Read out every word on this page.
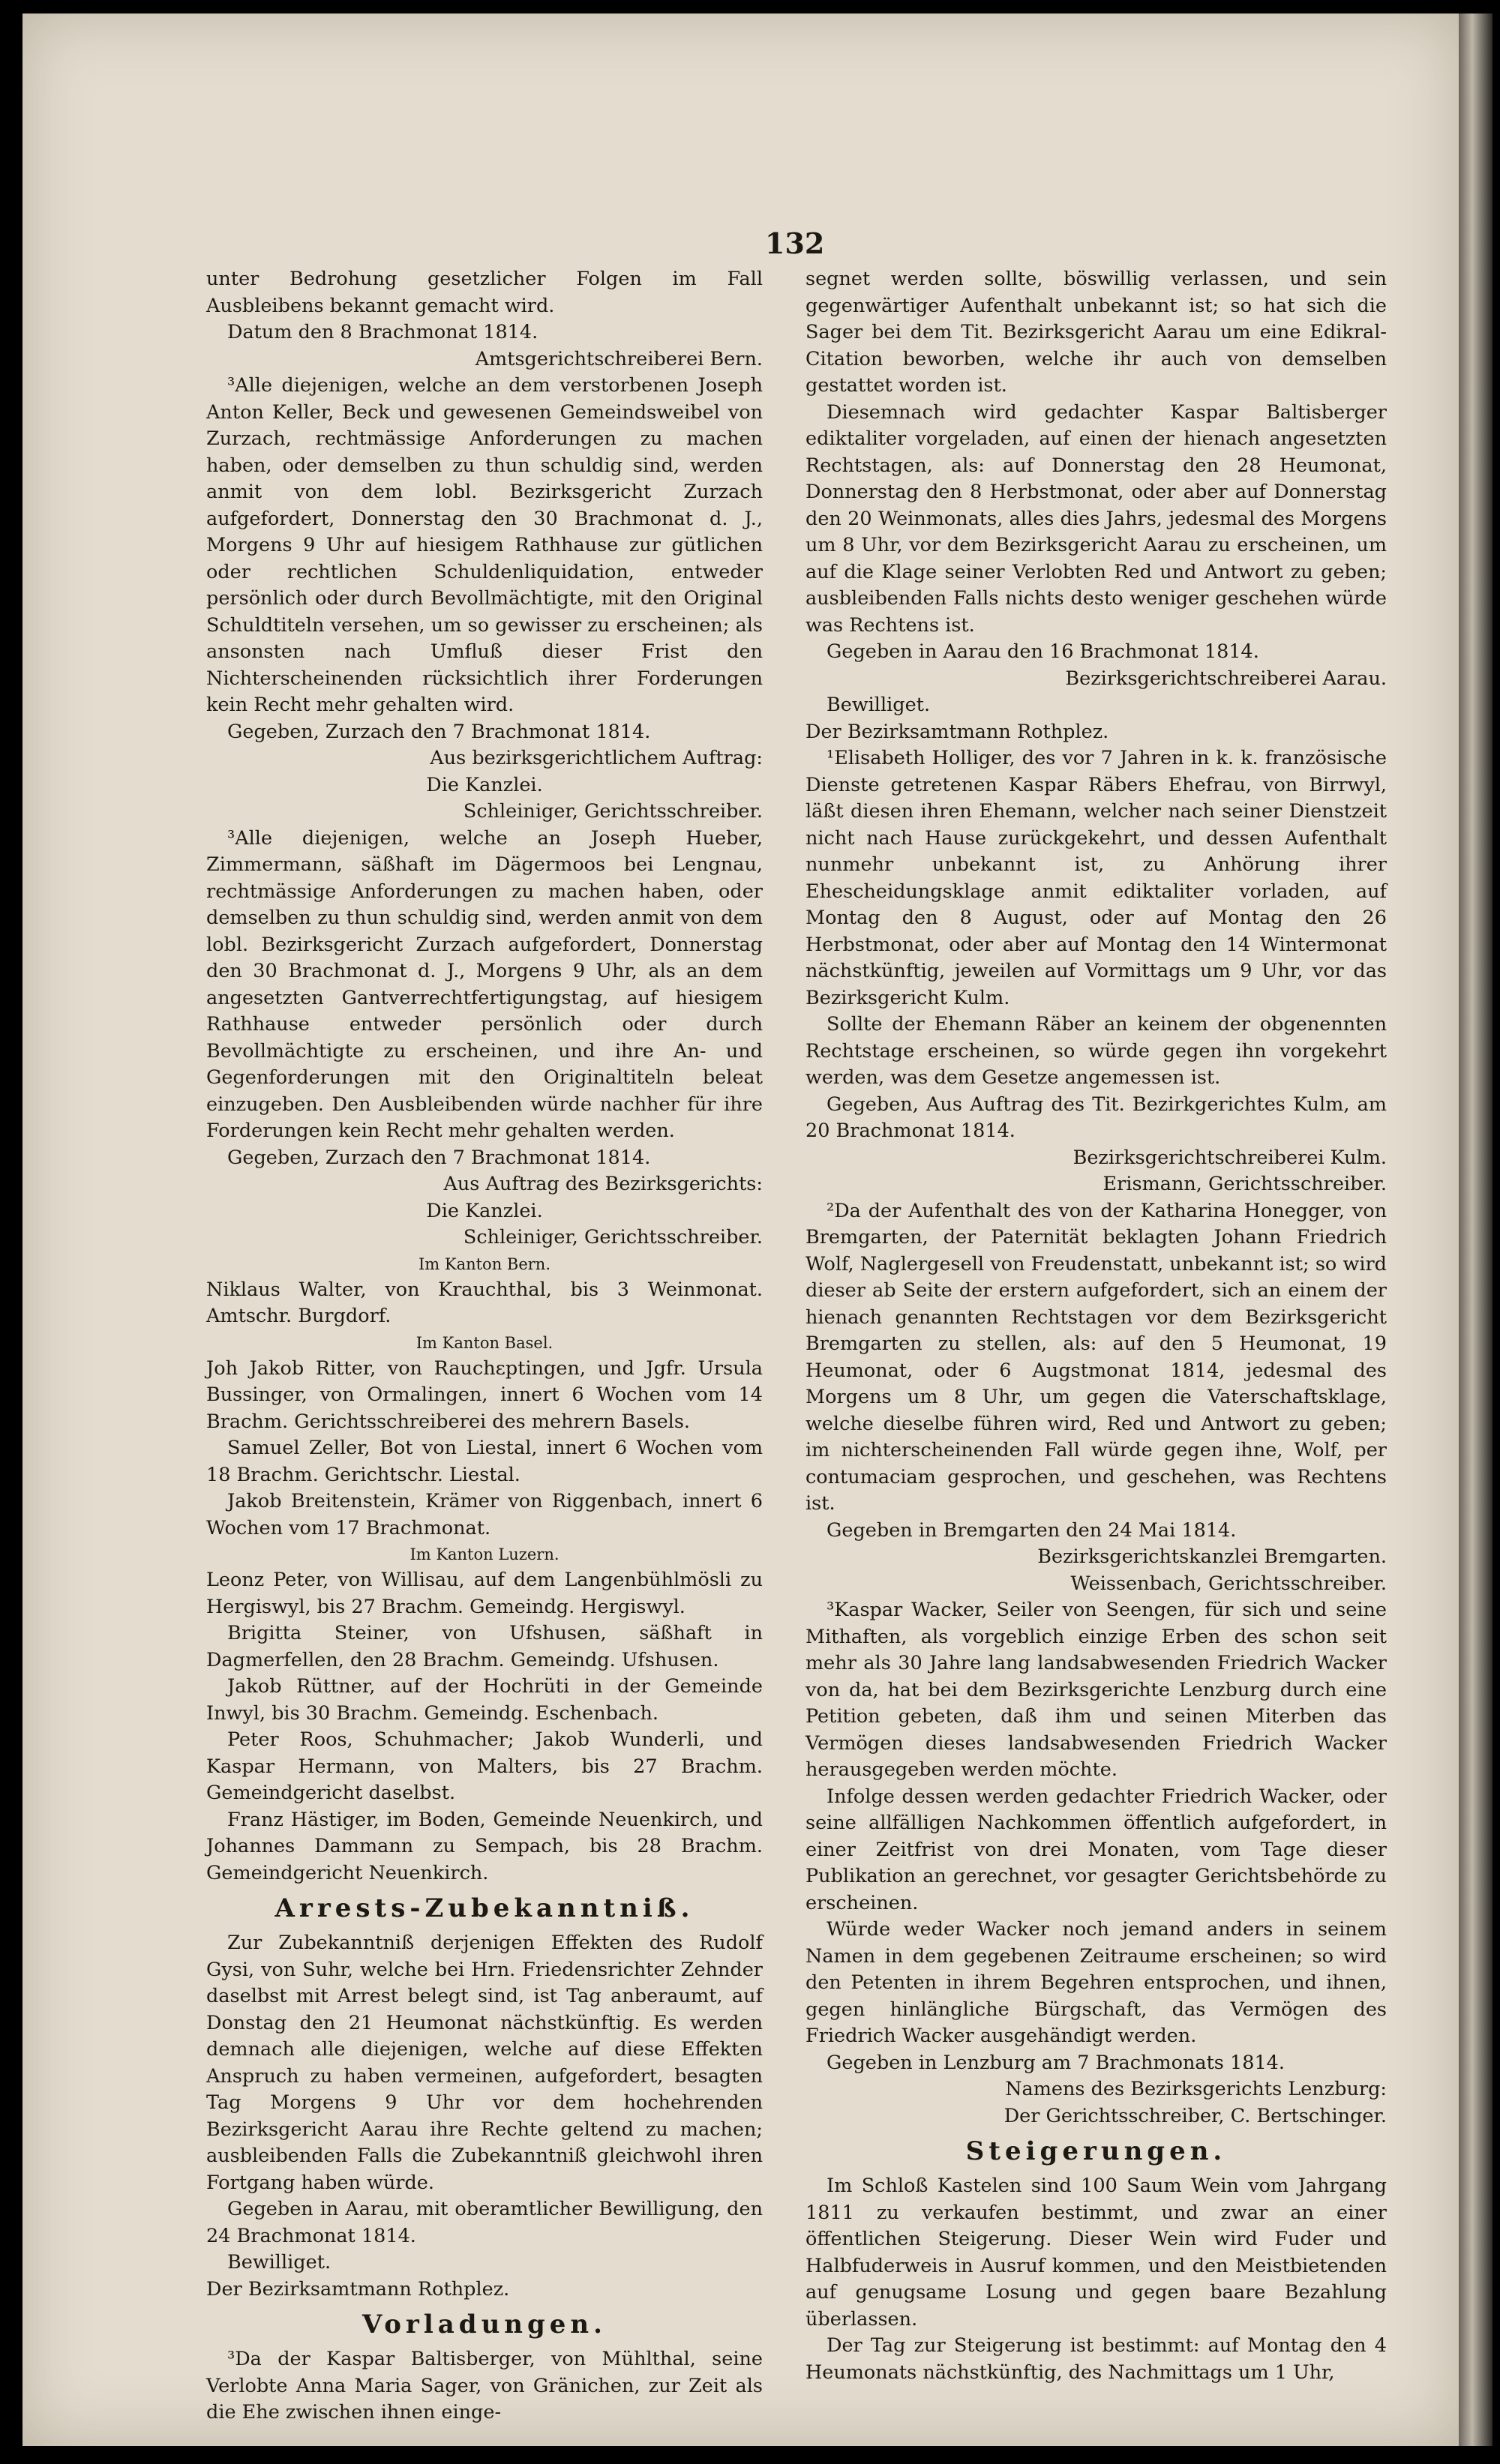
132

unter Bedrohung gesetzlicher Folgen im Fall Ausbleibens bekannt gemacht wird.

Datum den 8 Brachmonat 1814.

Amtsgerichtschreiberei Bern.

³Alle diejenigen, welche an dem verstorbenen Joseph Anton Keller, Beck und gewesenen Gemeindsweibel von Zurzach, rechtmässige Anforderungen zu machen haben, oder demselben zu thun schuldig sind, werden anmit von dem lobl. Bezirksgericht Zurzach aufgefordert, Donnerstag den 30 Brachmonat d. J., Morgens 9 Uhr auf hiesigem Rathhause zur gütlichen oder rechtlichen Schuldenliquidation, entweder persönlich oder durch Bevollmächtigte, mit den Original Schuldtiteln versehen, um so gewisser zu erscheinen; als ansonsten nach Umfluß dieser Frist den Nichterscheinenden rücksichtlich ihrer Forderungen kein Recht mehr gehalten wird.

Gegeben, Zurzach den 7 Brachmonat 1814.

Aus bezirksgerichtlichem Auftrag:

Die Kanzlei.

Schleiniger, Gerichtsschreiber.

³Alle diejenigen, welche an Joseph Hueber, Zimmermann, säßhaft im Dägermoos bei Lengnau, rechtmässige Anforderungen zu machen haben, oder demselben zu thun schuldig sind, werden anmit von dem lobl. Bezirksgericht Zurzach aufgefordert, Donnerstag den 30 Brachmonat d. J., Morgens 9 Uhr, als an dem angesetzten Gantverrechtfertigungstag, auf hiesigem Rathhause entweder persönlich oder durch Bevollmächtigte zu erscheinen, und ihre An- und Gegenforderungen mit den Originaltiteln beleat einzugeben. Den Ausbleibenden würde nachher für ihre Forderungen kein Recht mehr gehalten werden.

Gegeben, Zurzach den 7 Brachmonat 1814.

Aus Auftrag des Bezirksgerichts:

Die Kanzlei.

Schleiniger, Gerichtsschreiber.

Im Kanton Bern.

Niklaus Walter, von Krauchthal, bis 3 Weinmonat. Amtschr. Burgdorf.

Im Kanton Basel.

Joh Jakob Ritter, von Rauchεptingen, und Jgfr. Ursula Bussinger, von Ormalingen, innert 6 Wochen vom 14 Brachm. Gerichtsschreiberei des mehrern Basels.

Samuel Zeller, Bot von Liestal, innert 6 Wochen vom 18 Brachm. Gerichtschr. Liestal.

Jakob Breitenstein, Krämer von Riggenbach, innert 6 Wochen vom 17 Brachmonat.

Im Kanton Luzern.

Leonz Peter, von Willisau, auf dem Langenbühlmösli zu Hergiswyl, bis 27 Brachm. Gemeindg. Hergiswyl.

Brigitta Steiner, von Ufshusen, säßhaft in Dagmerfellen, den 28 Brachm. Gemeindg. Ufshusen.

Jakob Rüttner, auf der Hochrüti in der Gemeinde Inwyl, bis 30 Brachm. Gemeindg. Eschenbach.

Peter Roos, Schuhmacher; Jakob Wunderli, und Kaspar Hermann, von Malters, bis 27 Brachm. Gemeindgericht daselbst.

Franz Hästiger, im Boden, Gemeinde Neuenkirch, und Johannes Dammann zu Sempach, bis 28 Brachm. Gemeindgericht Neuenkirch.

Arrests-Zubekanntniß.

Zur Zubekanntniß derjenigen Effekten des Rudolf Gysi, von Suhr, welche bei Hrn. Friedensrichter Zehnder daselbst mit Arrest belegt sind, ist Tag anberaumt, auf Donstag den 21 Heumonat nächstkünftig. Es werden demnach alle diejenigen, welche auf diese Effekten Anspruch zu haben vermeinen, aufgefordert, besagten Tag Morgens 9 Uhr vor dem hochehrenden Bezirksgericht Aarau ihre Rechte geltend zu machen; ausbleibenden Falls die Zubekanntniß gleichwohl ihren Fortgang haben würde.

Gegeben in Aarau, mit oberamtlicher Bewilligung, den 24 Brachmonat 1814.

Bewilliget.

Der Bezirksamtmann Rothplez.

Vorladungen.

³Da der Kaspar Baltisberger, von Mühlthal, seine Verlobte Anna Maria Sager, von Gränichen, zur Zeit als die Ehe zwischen ihnen einge-

segnet werden sollte, böswillig verlassen, und sein gegenwärtiger Aufenthalt unbekannt ist; so hat sich die Sager bei dem Tit. Bezirksgericht Aarau um eine Edikral-Citation beworben, welche ihr auch von demselben gestattet worden ist.

Diesemnach wird gedachter Kaspar Baltisberger ediktaliter vorgeladen, auf einen der hienach angesetzten Rechtstagen, als: auf Donnerstag den 28 Heumonat, Donnerstag den 8 Herbstmonat, oder aber auf Donnerstag den 20 Weinmonats, alles dies Jahrs, jedesmal des Morgens um 8 Uhr, vor dem Bezirksgericht Aarau zu erscheinen, um auf die Klage seiner Verlobten Red und Antwort zu geben; ausbleibenden Falls nichts desto weniger geschehen würde was Rechtens ist.

Gegeben in Aarau den 16 Brachmonat 1814.

Bezirksgerichtschreiberei Aarau.

Bewilliget.

Der Bezirksamtmann Rothplez.

¹Elisabeth Holliger, des vor 7 Jahren in k. k. französische Dienste getretenen Kaspar Räbers Ehefrau, von Birrwyl, läßt diesen ihren Ehemann, welcher nach seiner Dienstzeit nicht nach Hause zurückgekehrt, und dessen Aufenthalt nunmehr unbekannt ist, zu Anhörung ihrer Ehescheidungsklage anmit ediktaliter vorladen, auf Montag den 8 August, oder auf Montag den 26 Herbstmonat, oder aber auf Montag den 14 Wintermonat nächstkünftig, jeweilen auf Vormittags um 9 Uhr, vor das Bezirksgericht Kulm.

Sollte der Ehemann Räber an keinem der obgenennten Rechtstage erscheinen, so würde gegen ihn vorgekehrt werden, was dem Gesetze angemessen ist.

Gegeben, Aus Auftrag des Tit. Bezirkgerichtes Kulm, am 20 Brachmonat 1814.

Bezirksgerichtschreiberei Kulm.

Erismann, Gerichtsschreiber.

²Da der Aufenthalt des von der Katharina Honegger, von Bremgarten, der Paternität beklagten Johann Friedrich Wolf, Naglergesell von Freudenstatt, unbekannt ist; so wird dieser ab Seite der erstern aufgefordert, sich an einem der hienach genannten Rechtstagen vor dem Bezirksgericht Bremgarten zu stellen, als: auf den 5 Heumonat, 19 Heumonat, oder 6 Augstmonat 1814, jedesmal des Morgens um 8 Uhr, um gegen die Vaterschaftsklage, welche dieselbe führen wird, Red und Antwort zu geben; im nichterscheinenden Fall würde gegen ihne, Wolf, per contumaciam gesprochen, und geschehen, was Rechtens ist.

Gegeben in Bremgarten den 24 Mai 1814.

Bezirksgerichtskanzlei Bremgarten.

Weissenbach, Gerichtsschreiber.

³Kaspar Wacker, Seiler von Seengen, für sich und seine Mithaften, als vorgeblich einzige Erben des schon seit mehr als 30 Jahre lang landsabwesenden Friedrich Wacker von da, hat bei dem Bezirksgerichte Lenzburg durch eine Petition gebeten, daß ihm und seinen Miterben das Vermögen dieses landsabwesenden Friedrich Wacker herausgegeben werden möchte.

Infolge dessen werden gedachter Friedrich Wacker, oder seine allfälligen Nachkommen öffentlich aufgefordert, in einer Zeitfrist von drei Monaten, vom Tage dieser Publikation an gerechnet, vor gesagter Gerichtsbehörde zu erscheinen.

Würde weder Wacker noch jemand anders in seinem Namen in dem gegebenen Zeitraume erscheinen; so wird den Petenten in ihrem Begehren entsprochen, und ihnen, gegen hinlängliche Bürgschaft, das Vermögen des Friedrich Wacker ausgehändigt werden.

Gegeben in Lenzburg am 7 Brachmonats 1814.

Namens des Bezirksgerichts Lenzburg:

Der Gerichtsschreiber, C. Bertschinger.

Steigerungen.

Im Schloß Kastelen sind 100 Saum Wein vom Jahrgang 1811 zu verkaufen bestimmt, und zwar an einer öffentlichen Steigerung. Dieser Wein wird Fuder und Halbfuderweis in Ausruf kommen, und den Meistbietenden auf genugsame Losung und gegen baare Bezahlung überlassen.

Der Tag zur Steigerung ist bestimmt: auf Montag den 4 Heumonats nächstkünftig, des Nachmittags um 1 Uhr,
